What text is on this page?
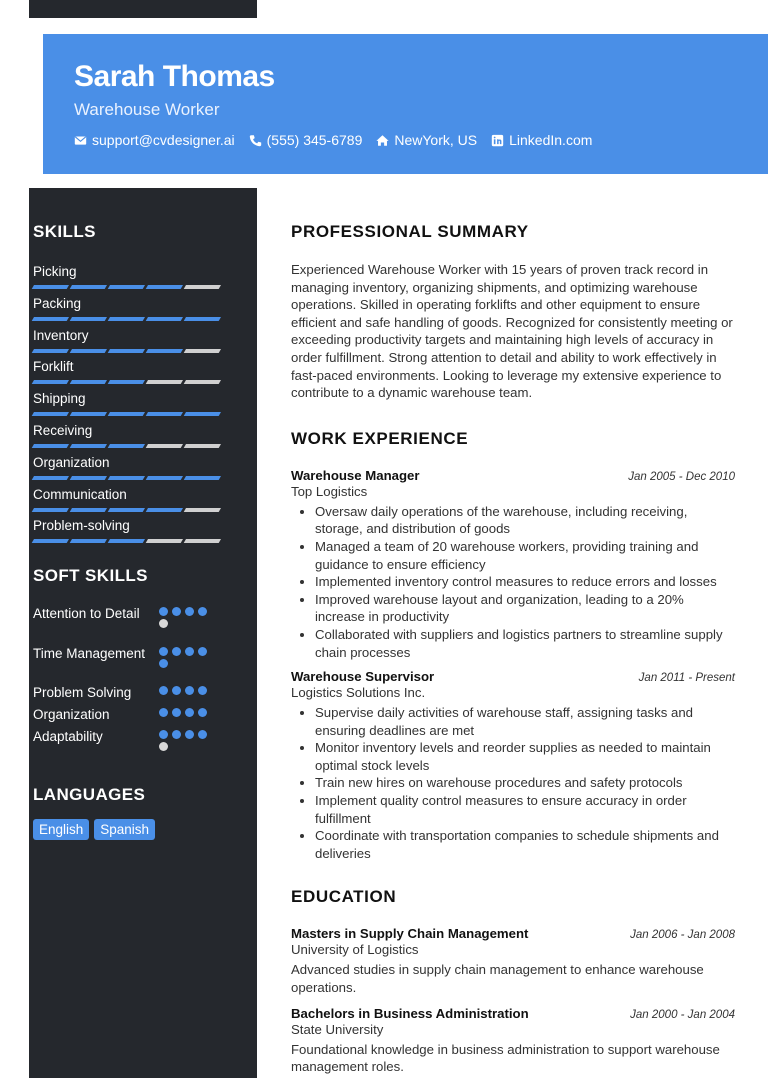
Sarah Thomas
Warehouse Worker
support@cvdesigner.ai (555) 345-6789 NewYork, US LinkedIn.com
SKILLS
Picking
Packing
Inventory
Forklift
Shipping
Receiving
Organization
Communication
Problem-solving
SOFT SKILLS
Attention to Detail
Time Management
Problem Solving
Organization
Adaptability
LANGUAGES
English	Spanish
PROFESSIONAL SUMMARY

Experienced Warehouse Worker with 15 years of proven track record in managing inventory, organizing shipments, and optimizing warehouse operations. Skilled in operating forklifts and other equipment to ensure efficient and safe handling of goods. Recognized for consistently meeting or exceeding productivity targets and maintaining high levels of accuracy in order fulfillment. Strong attention to detail and ability to work effectively in fast-paced environments. Looking to leverage my extensive experience to contribute to a dynamic warehouse team.

WORK EXPERIENCE
Warehouse Manager	Jan 2005 - Dec 2010
Top Logistics
• Oversaw daily operations of the warehouse, including receiving, storage, and distribution of goods
• Managed a team of 20 warehouse workers, providing training and guidance to ensure efficiency
• Implemented inventory control measures to reduce errors and losses
• Improved warehouse layout and organization, leading to a 20% increase in productivity
• Collaborated with suppliers and logistics partners to streamline supply chain processes
Warehouse Supervisor	Jan 2011 - Present
Logistics Solutions Inc.
• Supervise daily activities of warehouse staff, assigning tasks and ensuring deadlines are met
• Monitor inventory levels and reorder supplies as needed to maintain optimal stock levels
• Train new hires on warehouse procedures and safety protocols
• Implement quality control measures to ensure accuracy in order fulfillment
• Coordinate with transportation companies to schedule shipments and deliveries
EDUCATION
Masters in Supply Chain Management	Jan 2006 - Jan 2008
University of Logistics

Advanced studies in supply chain management to enhance warehouse operations.

Bachelors in Business Administration	Jan 2000 - Jan 2004
State University

Foundational knowledge in business administration to support warehouse management roles.
